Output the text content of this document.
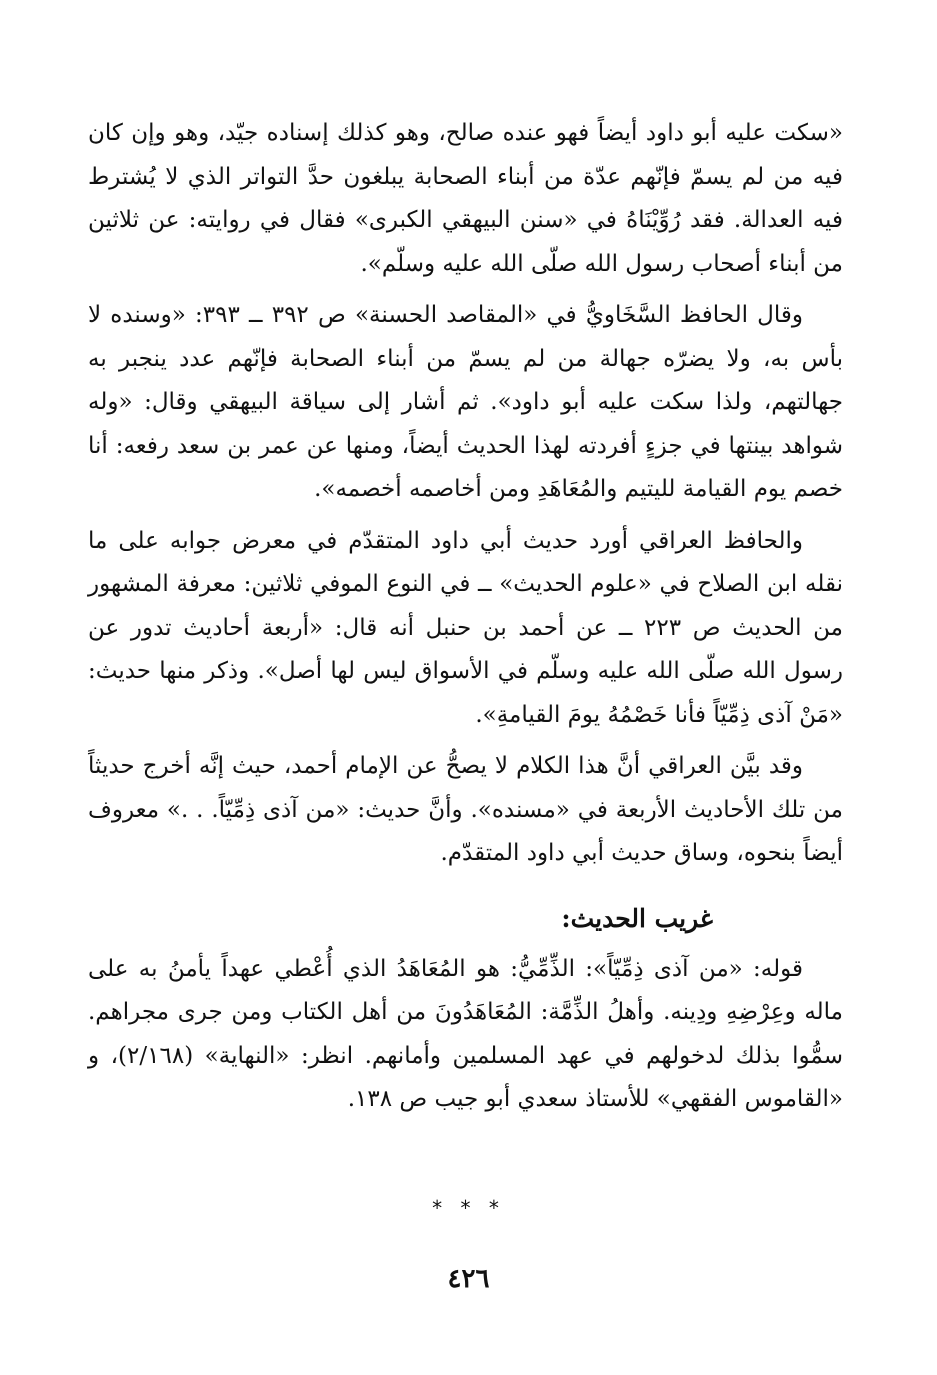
«سكت عليه أبو داود أيضاً فهو عنده صالح، وهو كذلك إسناده جيّد، وهو وإن كان فيه من لم يسمّ فإنّهم عدّة من أبناء الصحابة يبلغون حدَّ التواتر الذي لا يُشترط فيه العدالة. فقد رُوِّيْنَاهُ في «سنن البيهقي الكبرى» فقال في روايته: عن ثلاثين من أبناء أصحاب رسول الله صلّى الله عليه وسلّم».

وقال الحافظ السَّخَاويُّ في «المقاصد الحسنة» ص ٣٩٢ ــ ٣٩٣: «وسنده لا بأس به، ولا يضرّه جهالة من لم يسمّ من أبناء الصحابة فإنّهم عدد ينجبر به جهالتهم، ولذا سكت عليه أبو داود». ثم أشار إلى سياقة البيهقي وقال: «وله شواهد بينتها في جزءٍ أفردته لهذا الحديث أيضاً، ومنها عن عمر بن سعد رفعه: أنا خصم يوم القيامة لليتيم والمُعَاهَدِ ومن أخاصمه أخصمه».

والحافظ العراقي أورد حديث أبي داود المتقدّم في معرض جوابه على ما نقله ابن الصلاح في «علوم الحديث» ــ في النوع الموفي ثلاثين: معرفة المشهور من الحديث ص ٢٢٣ ــ عن أحمد بن حنبل أنه قال: «أربعة أحاديث تدور عن رسول الله صلّى الله عليه وسلّم في الأسواق ليس لها أصل». وذكر منها حديث: «مَنْ آذى ذِمِّيّاً فأنا خَصْمُهُ يومَ القيامةِ».

وقد بيَّن العراقي أنَّ هذا الكلام لا يصحُّ عن الإمام أحمد، حيث إنَّه أخرج حديثاً من تلك الأحاديث الأربعة في «مسنده». وأنَّ حديث: «من آذى ذِمِّيّاً. . .» معروف أيضاً بنحوه، وساق حديث أبي داود المتقدّم.

غريب الحديث:

قوله: «من آذى ذِمِّيّاً»: الذِّمِّيُّ: هو المُعَاهَدُ الذي أُعْطي عهداً يأمنُ به على ماله وعِرْضِهِ ودِينه. وأهلُ الذِّمَّة: المُعَاهَدُونَ من أهل الكتاب ومن جرى مجراهم. سمُّوا بذلك لدخولهم في عهد المسلمين وأمانهم. انظر: «النهاية» (٢/١٦٨)، و «القاموس الفقهي» للأستاذ سعدي أبو جيب ص ١٣٨.

* * *
٤٢٦
